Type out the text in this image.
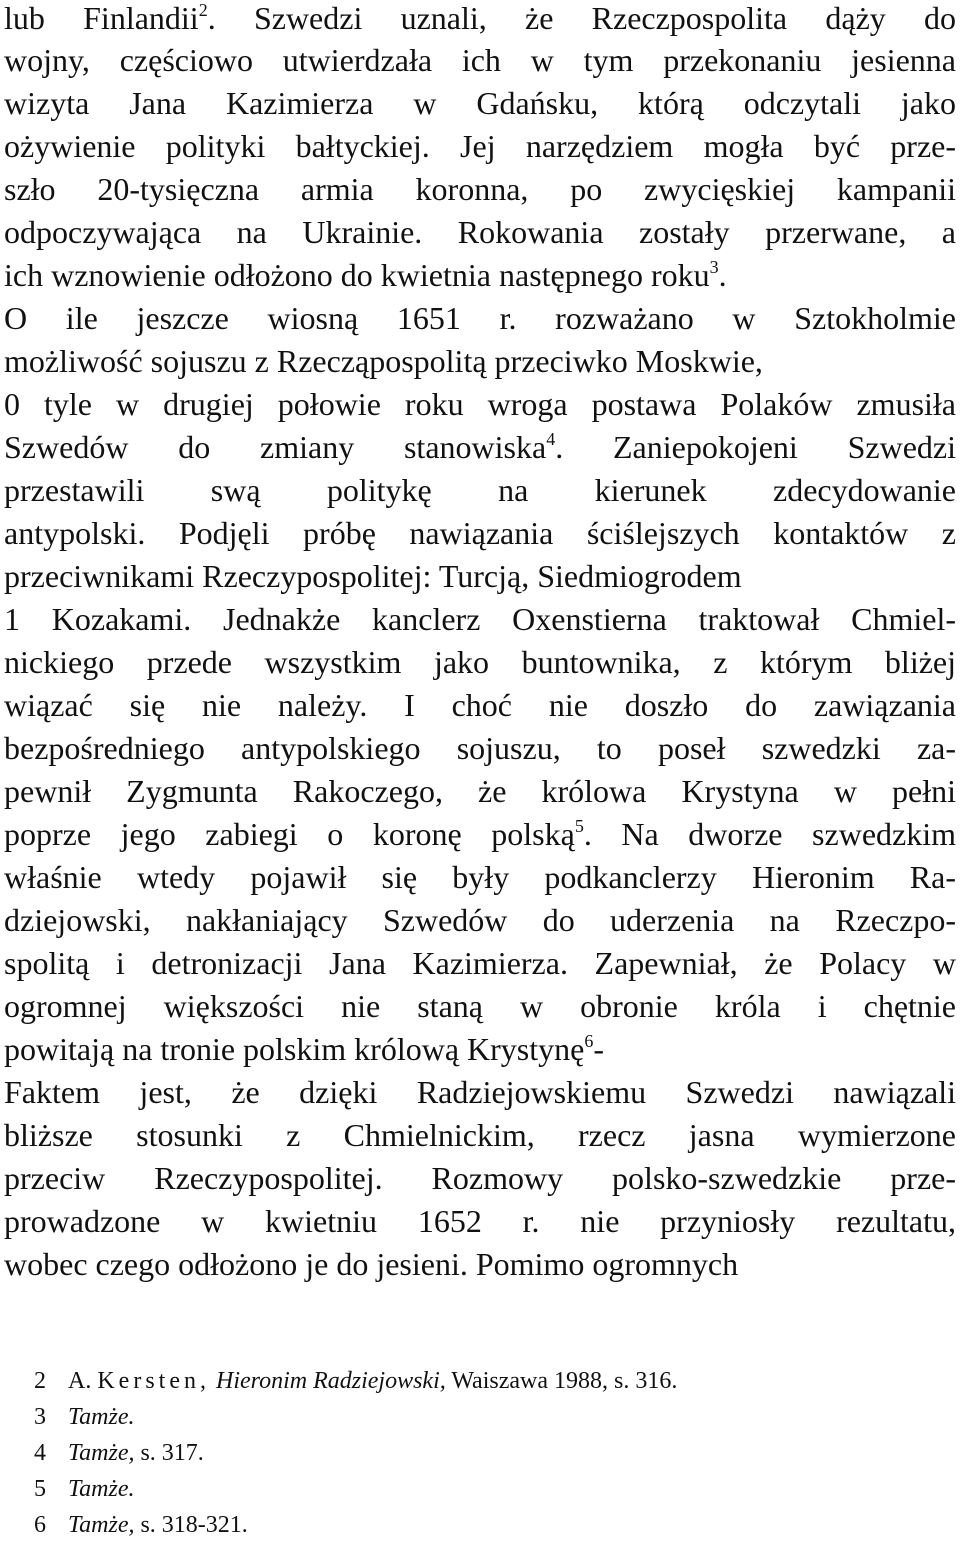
lub Finlandii$^2$. Szwedzi uznali, że Rzeczpospolita dąży do
wojny, częściowo utwierdzała ich w tym przekonaniu jesienna
wizyta Jana Kazimierza w Gdańsku, którą odczytali jako
ożywienie polityki bałtyckiej. Jej narzędziem mogła być prze-
szło 20-tysięczna armia koronna, po zwycięskiej kampanii
odpoczywająca na Ukrainie. Rokowania zostały przerwane, a
ich wznowienie odłożono do kwietnia następnego roku$^3$.
O ile jeszcze wiosną 1651 r. rozważano w Sztokholmie
możliwość sojuszu z Rzecząpospolitą przeciwko Moskwie,
0 tyle w drugiej połowie roku wroga postawa Polaków zmusiła
Szwedów do zmiany stanowiska$^4$. Zaniepokojeni Szwedzi
przestawili swą politykę na kierunek zdecydowanie
antypolski. Podjęli próbę nawiązania ściślejszych kontaktów z
przeciwnikami Rzeczypospolitej: Turcją, Siedmiogrodem
1 Kozakami. Jednakże kanclerz Oxenstierna traktował Chmiel-
nickiego przede wszystkim jako buntownika, z którym bliżej
wiązać się nie należy. I choć nie doszło do zawiązania
bezpośredniego antypolskiego sojuszu, to poseł szwedzki za-
pewnił Zygmunta Rakoczego, że królowa Krystyna w pełni
poprze jego zabiegi o koronę polską$^5$. Na dworze szwedzkim
właśnie wtedy pojawił się były podkanclerzy Hieronim Ra-
dziejowski, nakłaniający Szwedów do uderzenia na Rzeczpo-
spolitą i detronizacji Jana Kazimierza. Zapewniał, że Polacy w
ogromnej większości nie staną w obronie króla i chętnie
powitają na tronie polskim królową Krystynę$^6$-
Faktem jest, że dzięki Radziejowskiemu Szwedzi nawiązali
bliższe stosunki z Chmielnickim, rzecz jasna wymierzone
przeciw Rzeczypospolitej. Rozmowy polsko-szwedzkie prze-
prowadzone w kwietniu 1652 r. nie przyniosły rezultatu,
wobec czego odłożono je do jesieni. Pomimo ogromnych
2 A. Kersten, Hieronim Radziejowski, Waiszawa 1988, s. 316.
3 Tamże.
4 Tamże, s. 317.
5 Tamże.
6 Tamże, s. 318-321.
